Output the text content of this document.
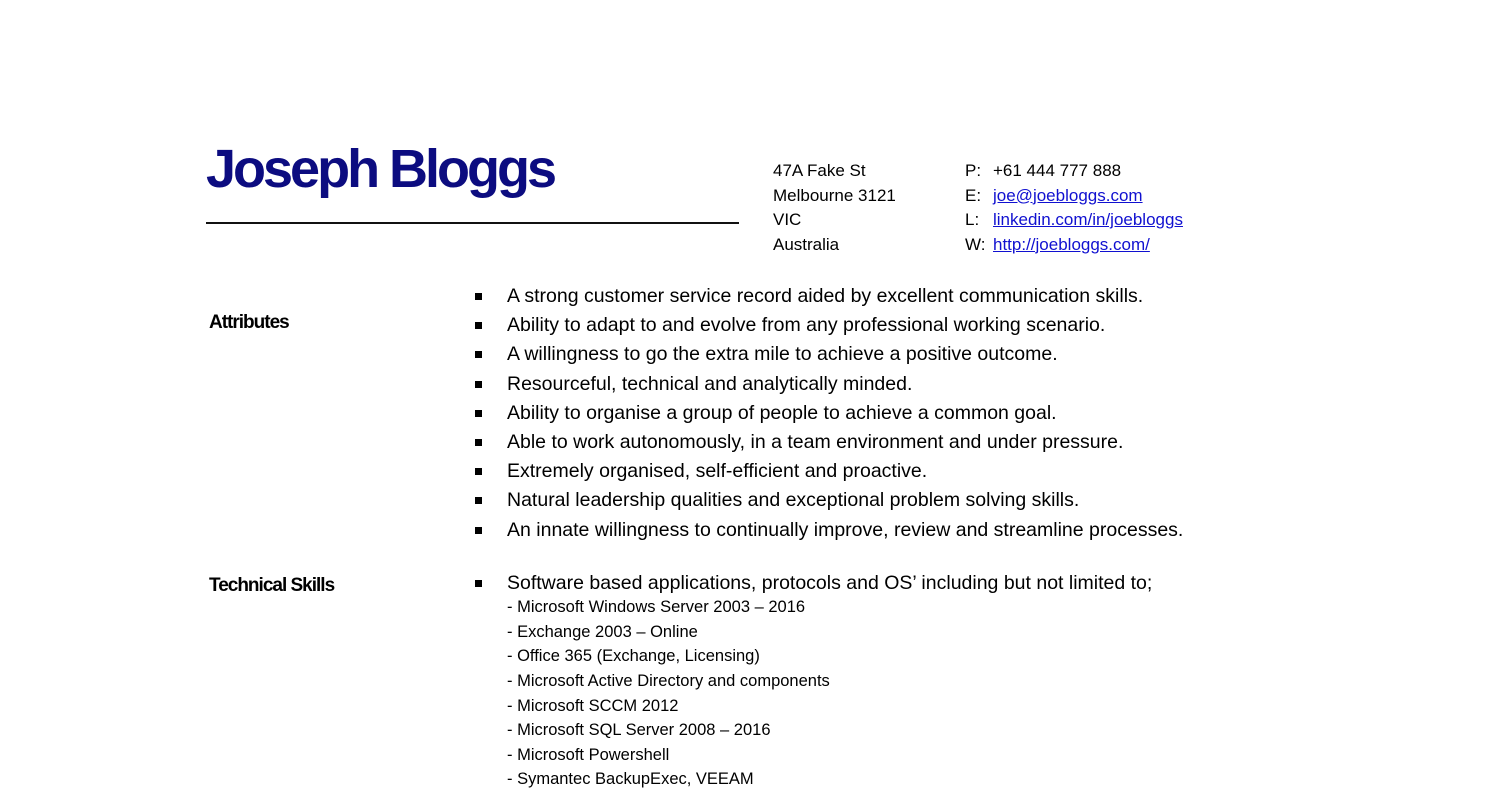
Joseph Bloggs	47A Fake St
Melbourne 3121
VIC
Australia
P: +61 444 777 888
E: joe@joebloggs.com
L: linkedin.com/in/joebloggs
W: http://joebloggs.com/
Attributes
A strong customer service record aided by excellent communication skills.
Ability to adapt to and evolve from any professional working scenario.
A willingness to go the extra mile to achieve a positive outcome.
Resourceful, technical and analytically minded.
Ability to organise a group of people to achieve a common goal.
Able to work autonomously, in a team environment and under pressure.
Extremely organised, self-efficient and proactive.
Natural leadership qualities and exceptional problem solving skills.
An innate willingness to continually improve, review and streamline processes.
Technical Skills	Software based applications, protocols and OS’ including but not limited to;
- Microsoft Windows Server 2003 – 2016
- Exchange 2003 – Online
- Office 365 (Exchange, Licensing)
- Microsoft Active Directory and components
- Microsoft SCCM 2012
- Microsoft SQL Server 2008 – 2016
- Microsoft Powershell
- Symantec BackupExec, VEEAM
